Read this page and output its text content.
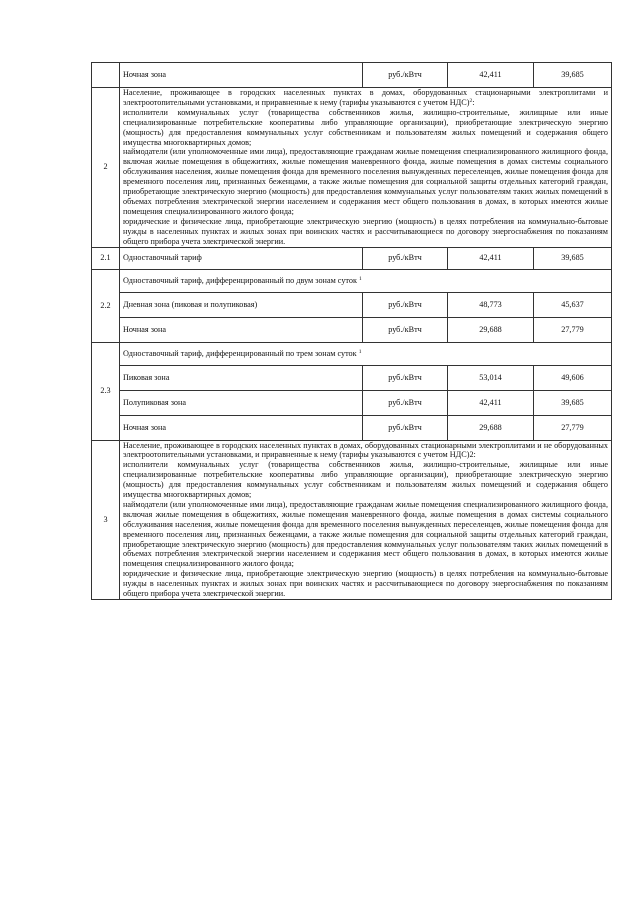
	Ночная зона	руб./кВтч	42,411	39,685
2	Население, проживающее в городских населенных пунктах в домах, оборудованных стационарными электроплитами и электроотопительными установками, и приравненные к нему (тарифы указываются с учетом НДС)$^2$:

исполнители коммунальных услуг (товарищества собственников жилья, жилищно-строительные, жилищные или иные специализированные потребительские кооперативы либо управляющие организации), приобретающие электрическую энергию (мощность) для предоставления коммунальных услуг собственникам и пользователям жилых помещений и содержания общего имущества многоквартирных домов;

наймодатели (или уполномоченные ими лица), предоставляющие гражданам жилые помещения специализированного жилищного фонда, включая жилые помещения в общежитиях, жилые помещения маневренного фонда, жилые помещения в домах системы социального обслуживания населения, жилые помещения фонда для временного поселения вынужденных переселенцев, жилые помещения фонда для временного поселения лиц, признанных беженцами, а также жилые помещения для социальной защиты отдельных категорий граждан, приобретающие электрическую энергию (мощность) для предоставления коммунальных услуг пользователям таких жилых помещений в объемах потребления электрической энергии населением и содержания мест общего пользования в домах, в которых имеются жилые помещения специализированного жилого фонда;

юридические и физические лица, приобретающие электрическую энергию (мощность) в целях потребления на коммунально-бытовые нужды в населенных пунктах и жилых зонах при воинских частях и рассчитывающиеся по договору энергоснабжения по показаниям общего прибора учета электрической энергии.			

2.1	Одноставочный тариф	руб./кВтч	42,411	39,685
2.2	Одноставочный тариф, дифференцированный по двум зонам суток $^1$
	Дневная зона (пиковая и полупиковая)	руб./кВтч	48,773	45,637
	Ночная зона	руб./кВтч	29,688	27,779
2.3	Одноставочный тариф, дифференцированный по трем зонам суток $^1$
	Пиковая зона	руб./кВтч	53,014	49,606
	Полупиковая зона	руб./кВтч	42,411	39,685
	Ночная зона	руб./кВтч	29,688	27,779
3	Население, проживающее в городских населенных пунктах в домах, оборудованных стационарными электроплитами и не оборудованных электроотопительными установками, и приравненные к нему (тарифы указываются с учетом НДС)2:

исполнители коммунальных услуг (товарищества собственников жилья, жилищно-строительные, жилищные или иные специализированные потребительские кооперативы либо управляющие организации), приобретающие электрическую энергию (мощность) для предоставления коммунальных услуг собственникам и пользователям жилых помещений и содержания общего имущества многоквартирных домов;

наймодатели (или уполномоченные ими лица), предоставляющие гражданам жилые помещения специализированного жилищного фонда, включая жилые помещения в общежитиях, жилые помещения маневренного фонда, жилые помещения в домах системы социального обслуживания населения, жилые помещения фонда для временного поселения вынужденных переселенцев, жилые помещения фонда для временного поселения лиц, признанных беженцами, а также жилые помещения для социальной защиты отдельных категорий граждан, приобретающие электрическую энергию (мощность) для предоставления коммунальных услуг пользователям таких жилых помещений в объемах потребления электрической энергии населением и содержания мест общего пользования в домах, в которых имеются жилые помещения специализированного жилого фонда;

юридические и физические лица, приобретающие электрическую энергию (мощность) в целях потребления на коммунально-бытовые нужды в населенных пунктах и жилых зонах при воинских частях и рассчитывающиеся по договору энергоснабжения по показаниям общего прибора учета электрической энергии.			
